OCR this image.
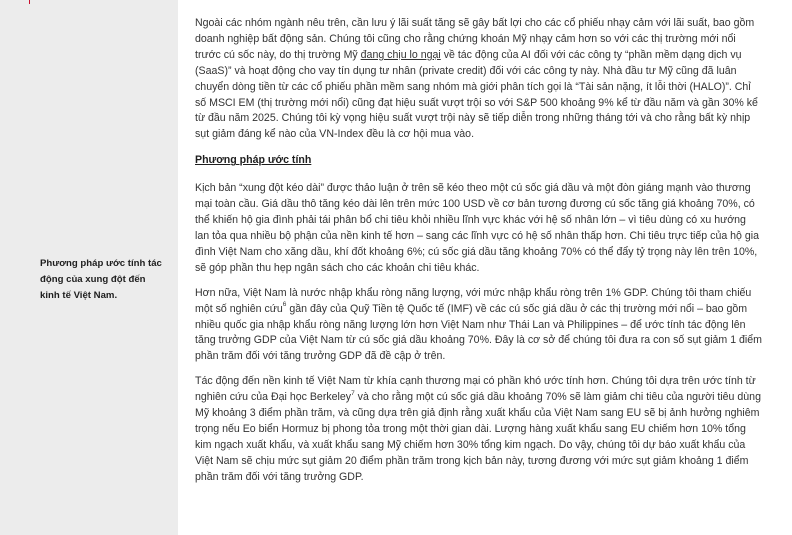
Phương pháp ước tính tác động của xung đột đến kinh tế Việt Nam.

Ngoài các nhóm ngành nêu trên, cần lưu ý lãi suất tăng sẽ gây bất lợi cho các cổ phiếu nhạy cảm với lãi suất, bao gồm doanh nghiệp bất động sản. Chúng tôi cũng cho rằng chứng khoán Mỹ nhạy cảm hơn so với các thị trường mới nổi trước cú sốc này, do thị trường Mỹ đang chịu lo ngại về tác động của AI đối với các công ty “phần mềm dạng dịch vụ (SaaS)” và hoạt động cho vay tín dụng tư nhân (private credit) đối với các công ty này. Nhà đầu tư Mỹ cũng đã luân chuyển dòng tiền từ các cổ phiếu phần mềm sang nhóm mà giới phân tích gọi là “Tài sản nặng, ít lỗi thời (HALO)”. Chỉ số MSCI EM (thị trường mới nổi) cũng đạt hiệu suất vượt trội so với S&P 500 khoảng 9% kể từ đầu năm và gần 30% kể từ đầu năm 2025. Chúng tôi kỳ vọng hiệu suất vượt trội này sẽ tiếp diễn trong những tháng tới và cho rằng bất kỳ nhịp sụt giảm đáng kể nào của VN-Index đều là cơ hội mua vào.

Phương pháp ước tính

Kịch bản “xung đột kéo dài” được thảo luận ở trên sẽ kéo theo một cú sốc giá dầu và một đòn giáng mạnh vào thương mại toàn cầu. Giá dầu thô tăng kéo dài lên trên mức 100 USD về cơ bản tương đương cú sốc tăng giá khoảng 70%, có thể khiến hộ gia đình phải tái phân bổ chi tiêu khỏi nhiều lĩnh vực khác với hệ số nhân lớn – vì tiêu dùng có xu hướng lan tỏa qua nhiều bộ phận của nền kinh tế hơn – sang các lĩnh vực có hệ số nhân thấp hơn. Chi tiêu trực tiếp của hộ gia đình Việt Nam cho xăng dầu, khí đốt khoảng 6%; cú sốc giá dầu tăng khoảng 70% có thể đẩy tỷ trọng này lên trên 10%, sẽ góp phần thu hẹp ngân sách cho các khoản chi tiêu khác.

Hơn nữa, Việt Nam là nước nhập khẩu ròng năng lượng, với mức nhập khẩu ròng trên 1% GDP. Chúng tôi tham chiếu một số nghiên cứu$^6$ gần đây của Quỹ Tiền tệ Quốc tế (IMF) về các cú sốc giá dầu ở các thị trường mới nổi – bao gồm nhiều quốc gia nhập khẩu ròng năng lượng lớn hơn Việt Nam như Thái Lan và Philippines – để ước tính tác động lên tăng trưởng GDP của Việt Nam từ cú sốc giá dầu khoảng 70%. Đây là cơ sở để chúng tôi đưa ra con số sụt giảm 1 điểm phần trăm đối với tăng trưởng GDP đã đề cập ở trên.

Tác động đến nền kinh tế Việt Nam từ khía cạnh thương mại có phần khó ước tính hơn. Chúng tôi dựa trên ước tính từ nghiên cứu của Đại học Berkeley$^7$ và cho rằng một cú sốc giá dầu khoảng 70% sẽ làm giảm chi tiêu của người tiêu dùng Mỹ khoảng 3 điểm phần trăm, và cũng dựa trên giả định rằng xuất khẩu của Việt Nam sang EU sẽ bị ảnh hưởng nghiêm trọng nếu Eo biển Hormuz bị phong tỏa trong một thời gian dài. Lượng hàng xuất khẩu sang EU chiếm hơn 10% tổng kim ngạch xuất khẩu, và xuất khẩu sang Mỹ chiếm hơn 30% tổng kim ngạch. Do vậy, chúng tôi dự báo xuất khẩu của Việt Nam sẽ chịu mức sụt giảm 20 điểm phần trăm trong kịch bản này, tương đương với mức sụt giảm khoảng 1 điểm phần trăm đối với tăng trưởng GDP.
